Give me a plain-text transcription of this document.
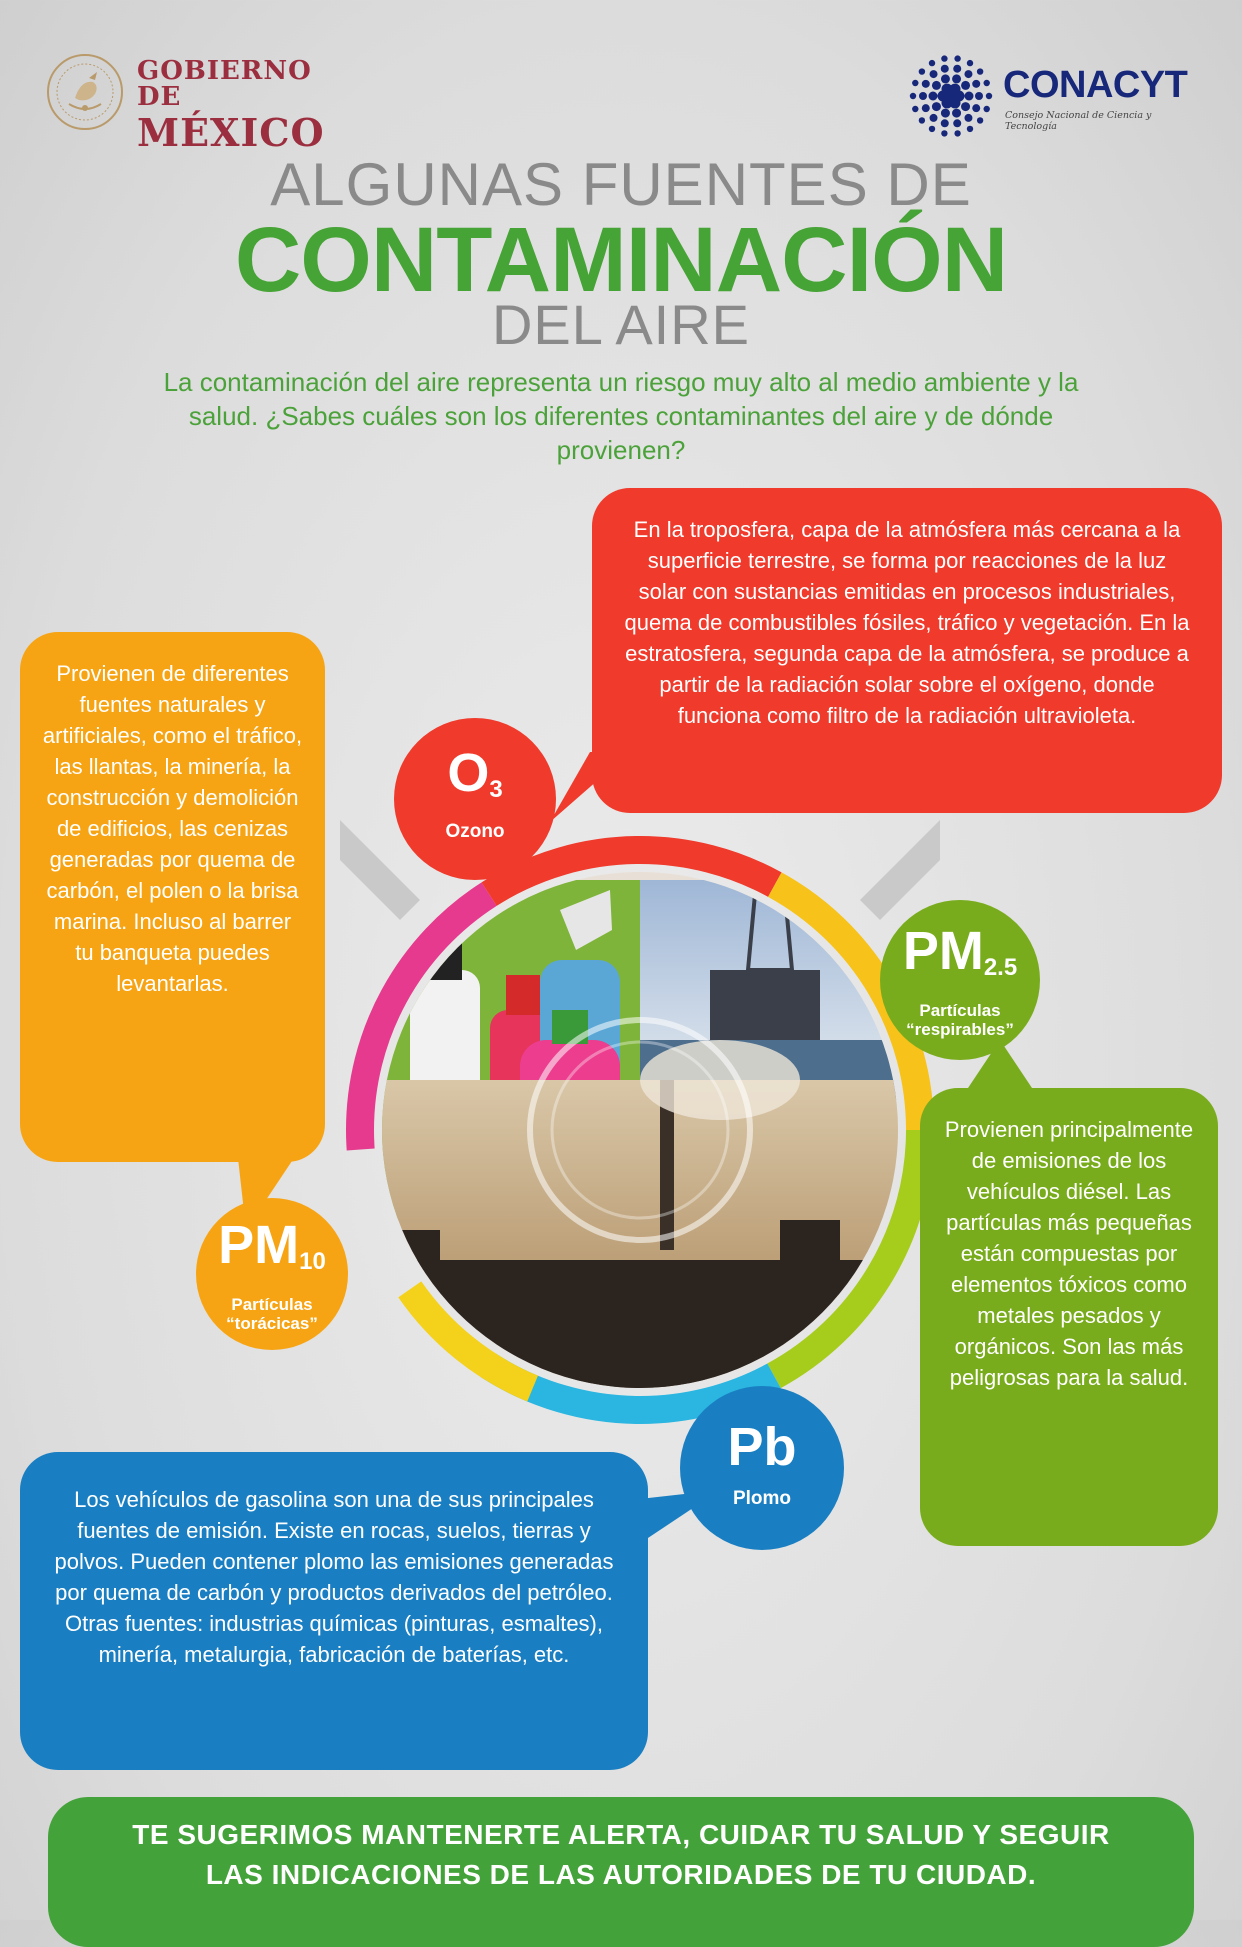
GOBIERNO DE
MÉXICO
CONACYT
Consejo Nacional de Ciencia y Tecnología
ALGUNAS FUENTES DE
CONTAMINACIÓN
DEL AIRE
La contaminación del aire representa un riesgo muy alto al medio ambiente y la salud. ¿Sabes cuáles son los diferentes contaminantes del aire y de dónde provienen?
En la troposfera, capa de la atmósfera más cercana a la superficie terrestre, se forma por reacciones de la luz solar con sustancias emitidas en procesos industriales, quema de combustibles fósiles, tráfico y vegetación. En la estratosfera, segunda capa de la atmósfera, se produce a partir de la radiación solar sobre el oxígeno, donde funciona como filtro de la radiación ultravioleta.
Provienen de diferentes fuentes naturales y artificiales, como el tráfico, las llantas, la minería, la construcción y demolición de edificios, las cenizas generadas por quema de carbón, el polen o la brisa marina. Incluso al barrer tu banqueta puedes levantarlas.
Provienen principalmente de emisiones de los vehículos diésel. Las partículas más pequeñas están compuestas por elementos tóxicos como metales pesados y orgánicos. Son las más peligrosas para la salud.
Los vehículos de gasolina son una de sus principales fuentes de emisión. Existe en rocas, suelos, tierras y polvos. Pueden contener plomo las emisiones generadas por quema de carbón y productos derivados del petróleo.
Otras fuentes: industrias químicas (pinturas, esmaltes), minería, metalurgia, fabricación de baterías, etc.
$O_3$
Ozono
$PM_{2.5}$
Partículas
“respirables”
$PM_{10}$
Partículas
“torácicas”
Pb
Plomo
TE SUGERIMOS MANTENERTE ALERTA, CUIDAR TU SALUD Y SEGUIR
LAS INDICACIONES DE LAS AUTORIDADES DE TU CIUDAD.
